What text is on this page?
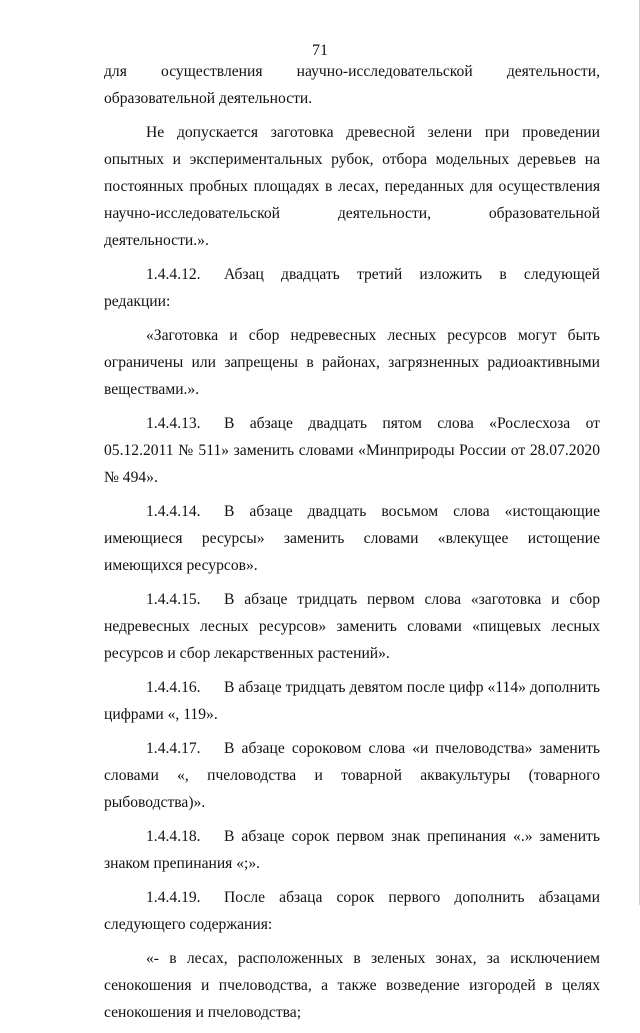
71

для осуществления научно-исследовательской деятельности,
образовательной деятельности.

Не допускается заготовка древесной зелени при проведении опытных и экспериментальных рубок, отбора модельных деревьев на постоянных пробных площадях в лесах, переданных для осуществления научно-исследовательской деятельности, образовательной деятельности.».

1.4.4.12. Абзац двадцать третий изложить в следующей редакции:

«Заготовка и сбор недревесных лесных ресурсов могут быть ограничены или запрещены в районах, загрязненных радиоактивными веществами.».

1.4.4.13. В абзаце двадцать пятом слова «Рослесхоза от 05.12.2011 № 511» заменить словами «Минприроды России от 28.07.2020 № 494».

1.4.4.14. В абзаце двадцать восьмом слова «истощающие имеющиеся ресурсы» заменить словами «влекущее истощение имеющихся ресурсов».

1.4.4.15. В абзаце тридцать первом слова «заготовка и сбор недревесных лесных ресурсов» заменить словами «пищевых лесных ресурсов и сбор лекарственных растений».

1.4.4.16. В абзаце тридцать девятом после цифр «114» дополнить цифрами «, 119».

1.4.4.17. В абзаце сороковом слова «и пчеловодства» заменить словами «, пчеловодства и товарной аквакультуры (товарного рыбоводства)».

1.4.4.18. В абзаце сорок первом знак препинания «.» заменить знаком препинания «;».

1.4.4.19. После абзаца сорок первого дополнить абзацами следующего содержания:

«- в лесах, расположенных в зеленых зонах, за исключением сенокошения и пчеловодства, а также возведение изгородей в целях сенокошения и пчеловодства;
